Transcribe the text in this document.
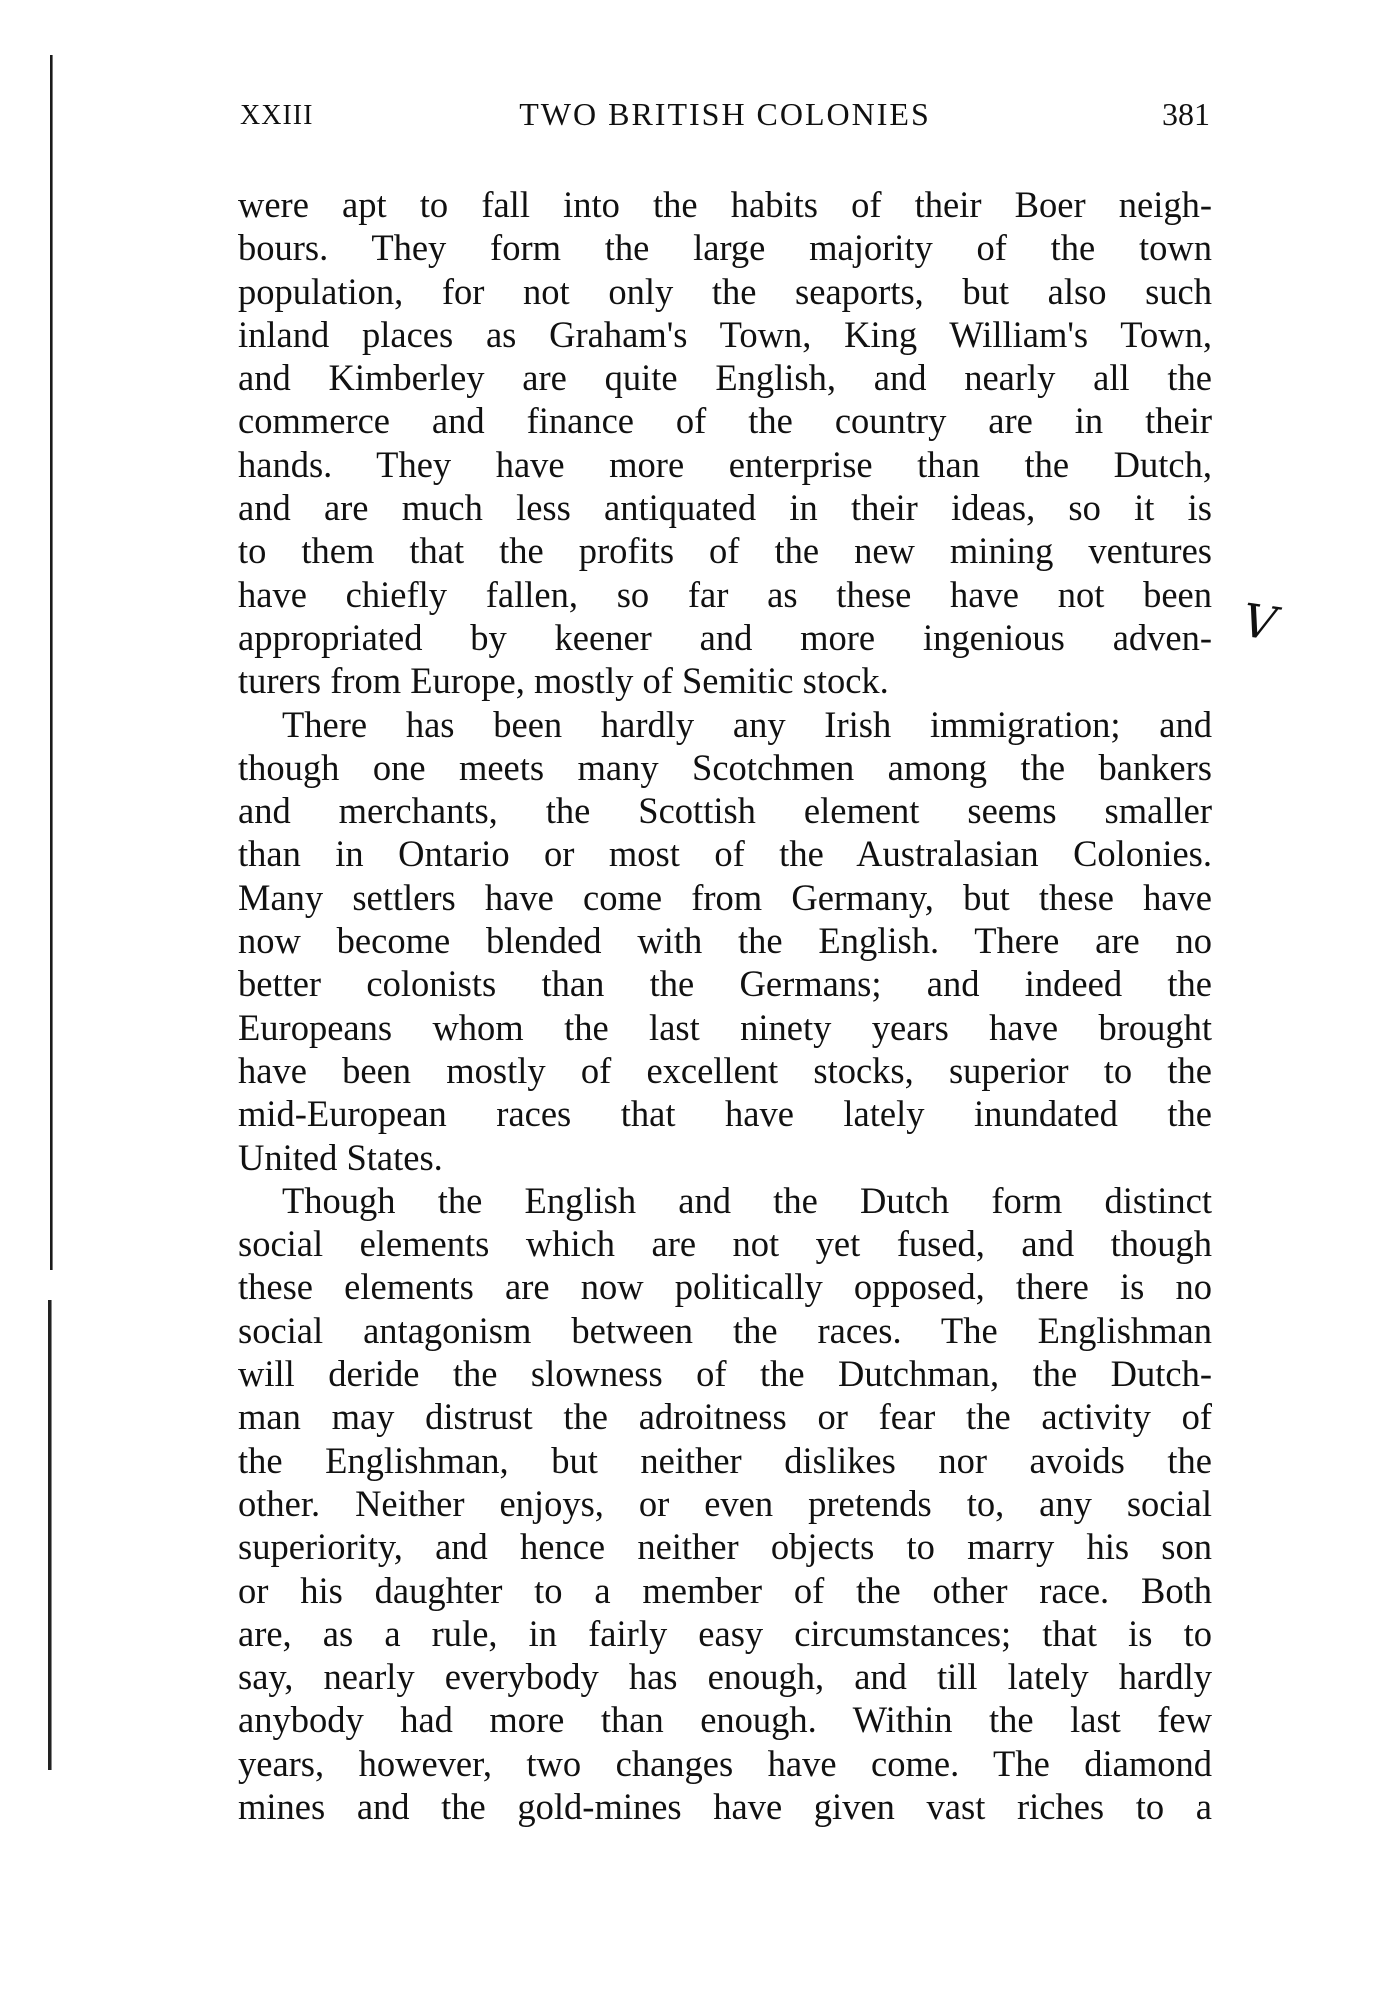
XXIII	TWO BRITISH COLONIES	381
V
were apt to fall into the habits of their Boer neigh-
bours. They form the large majority of the town
population, for not only the seaports, but also such
inland places as Graham's Town, King William's Town,
and Kimberley are quite English, and nearly all the
commerce and finance of the country are in their
hands. They have more enterprise than the Dutch,
and are much less antiquated in their ideas, so it is
to them that the profits of the new mining ventures
have chiefly fallen, so far as these have not been
appropriated by keener and more ingenious adven-
turers from Europe, mostly of Semitic stock.
There has been hardly any Irish immigration; and
though one meets many Scotchmen among the bankers
and merchants, the Scottish element seems smaller
than in Ontario or most of the Australasian Colonies.
Many settlers have come from Germany, but these have
now become blended with the English. There are no
better colonists than the Germans; and indeed the
Europeans whom the last ninety years have brought
have been mostly of excellent stocks, superior to the
mid-European races that have lately inundated the
United States.
Though the English and the Dutch form distinct
social elements which are not yet fused, and though
these elements are now politically opposed, there is no
social antagonism between the races. The Englishman
will deride the slowness of the Dutchman, the Dutch-
man may distrust the adroitness or fear the activity of
the Englishman, but neither dislikes nor avoids the
other. Neither enjoys, or even pretends to, any social
superiority, and hence neither objects to marry his son
or his daughter to a member of the other race. Both
are, as a rule, in fairly easy circumstances; that is to
say, nearly everybody has enough, and till lately hardly
anybody had more than enough. Within the last few
years, however, two changes have come. The diamond
mines and the gold-mines have given vast riches to a
